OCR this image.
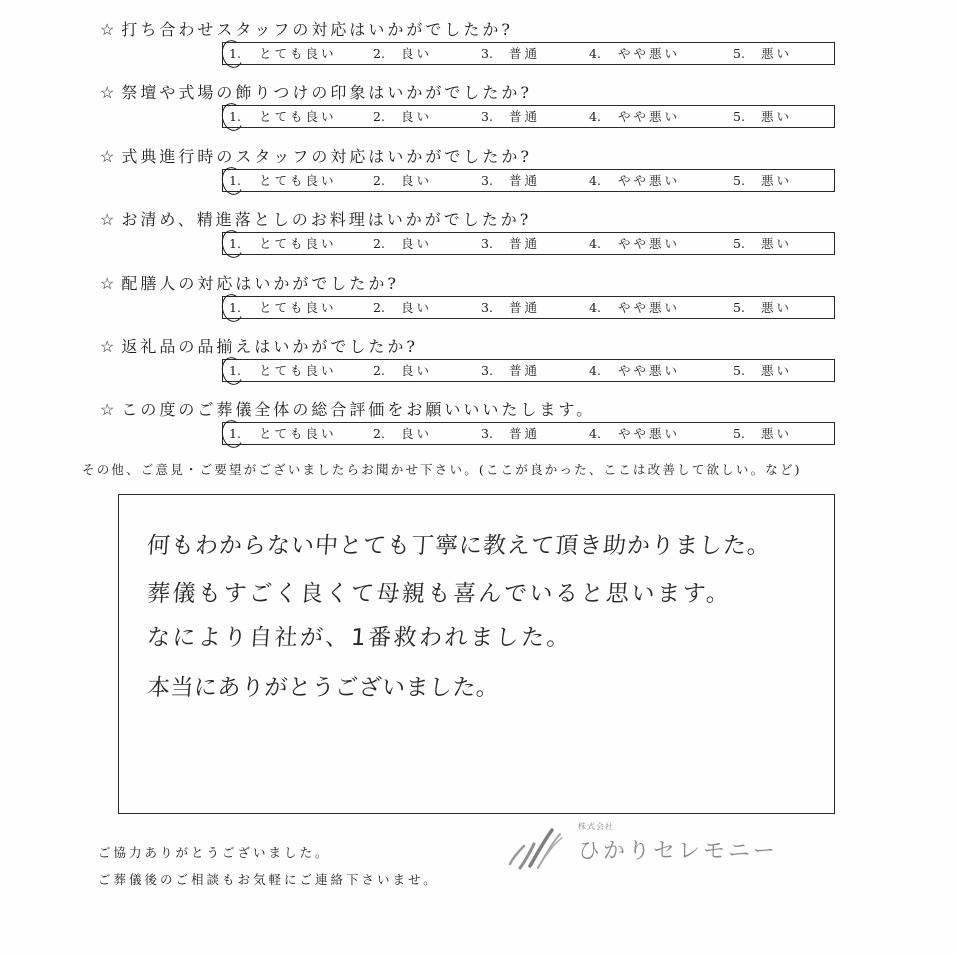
☆ 打ち合わせスタッフの対応はいかがでしたか?
1. とても良い	2. 良い	3. 普通	4. やや悪い	5. 悪い
☆ 祭壇や式場の飾りつけの印象はいかがでしたか?
1. とても良い	2. 良い	3. 普通	4. やや悪い	5. 悪い
☆ 式典進行時のスタッフの対応はいかがでしたか?
1. とても良い	2. 良い	3. 普通	4. やや悪い	5. 悪い
☆ お清め、精進落としのお料理はいかがでしたか?
1. とても良い	2. 良い	3. 普通	4. やや悪い	5. 悪い
☆ 配膳人の対応はいかがでしたか?
1. とても良い	2. 良い	3. 普通	4. やや悪い	5. 悪い
☆ 返礼品の品揃えはいかがでしたか?
1. とても良い	2. 良い	3. 普通	4. やや悪い	5. 悪い
☆ この度のご葬儀全体の総合評価をお願いいいたします。
1. とても良い	2. 良い	3. 普通	4. やや悪い	5. 悪い
その他、ご意見・ご要望がございましたらお聞かせ下さい。(ここが良かった、ここは改善して欲しい。など)
何もわからない中とても丁寧に教えて頂き助かりました。
葬儀もすごく良くて母親も喜んでいると思います。
なにより自社が、1番救われました。
本当にありがとうございました。
ご協力ありがとうございました。
ご葬儀後のご相談もお気軽にご連絡下さいませ。
株式会社
ひかりセレモニー
